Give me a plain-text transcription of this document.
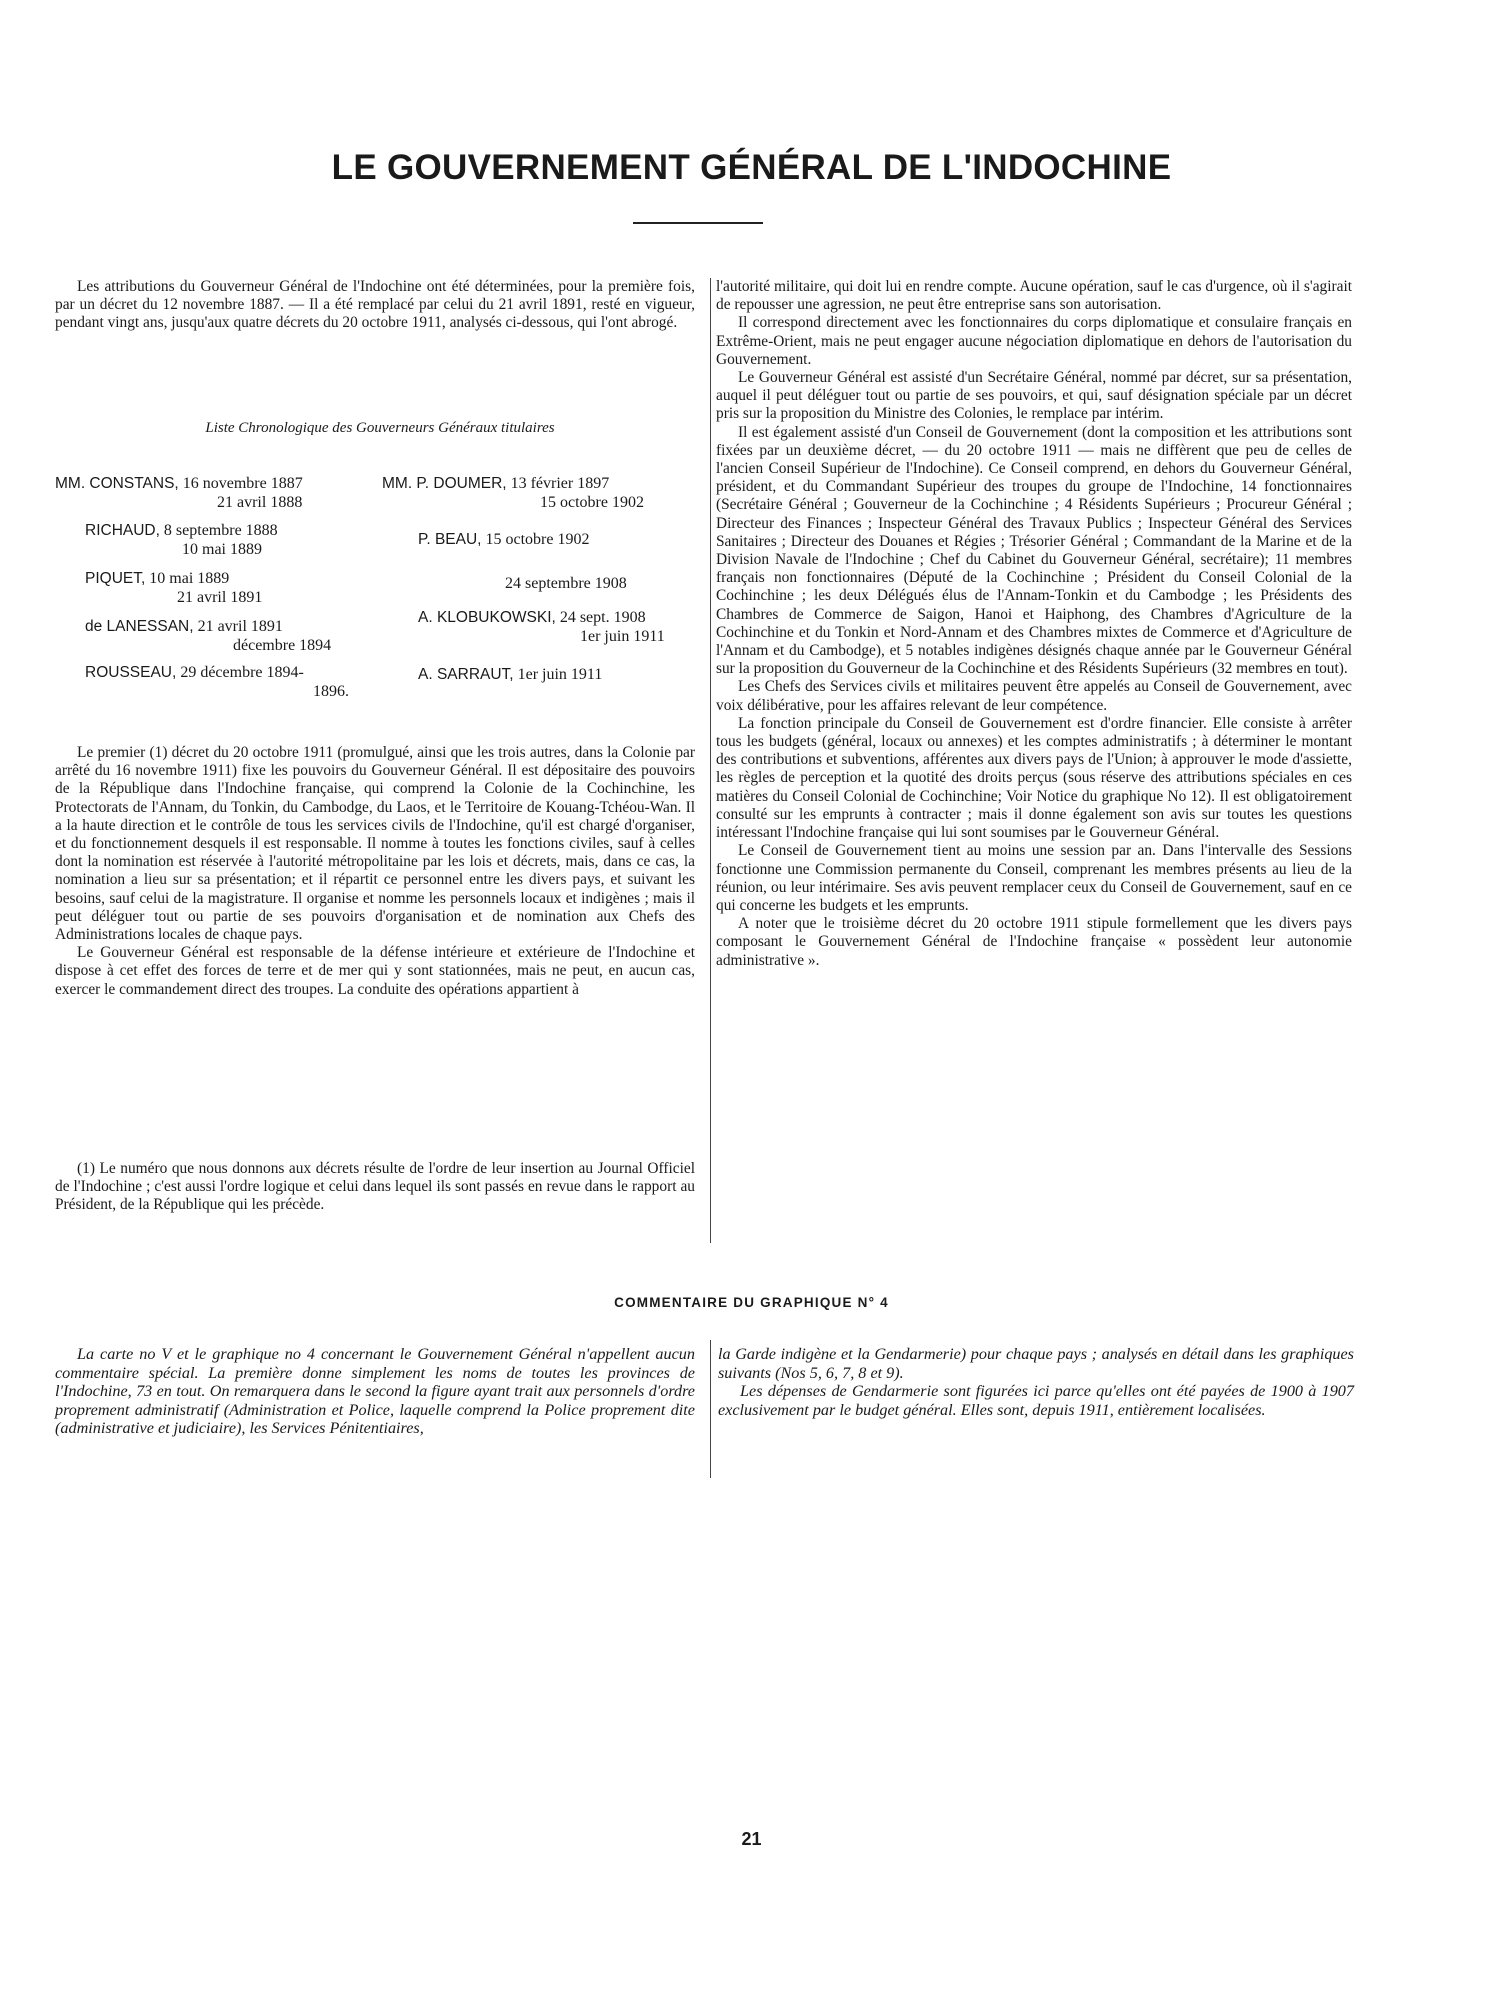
LE GOUVERNEMENT GÉNÉRAL DE L'INDOCHINE

Les attributions du Gouverneur Général de l'Indochine ont été déterminées, pour la première fois, par un décret du 12 novembre 1887. — Il a été remplacé par celui du 21 avril 1891, resté en vigueur, pendant vingt ans, jusqu'aux quatre décrets du 20 octobre 1911, analysés ci-dessous, qui l'ont abrogé.

Liste Chronologique des Gouverneurs Généraux titulaires
MM. CONSTANS, 16 novembre 1887
21 avril 1888
RICHAUD, 8 septembre 1888
10 mai 1889
PIQUET, 10 mai 1889
21 avril 1891
de LANESSAN, 21 avril 1891
décembre 1894
ROUSSEAU, 29 décembre 1894-
1896.
MM. P. DOUMER, 13 février 1897
15 octobre 1902
P. BEAU, 15 octobre 1902
24 septembre 1908
A. KLOBUKOWSKI, 24 sept. 1908
1er juin 1911
A. SARRAUT, 1er juin 1911

Le premier (1) décret du 20 octobre 1911 (promulgué, ainsi que les trois autres, dans la Colonie par arrêté du 16 novembre 1911) fixe les pouvoirs du Gouverneur Général. Il est dépositaire des pouvoirs de la République dans l'Indochine française, qui comprend la Colonie de la Cochinchine, les Protectorats de l'Annam, du Tonkin, du Cambodge, du Laos, et le Territoire de Kouang-Tchéou-Wan. Il a la haute direction et le contrôle de tous les services civils de l'Indochine, qu'il est chargé d'organiser, et du fonctionnement desquels il est responsable. Il nomme à toutes les fonctions civiles, sauf à celles dont la nomination est réservée à l'autorité métropolitaine par les lois et décrets, mais, dans ce cas, la nomination a lieu sur sa présentation; et il répartit ce personnel entre les divers pays, et suivant les besoins, sauf celui de la magistrature. Il organise et nomme les personnels locaux et indigènes ; mais il peut déléguer tout ou partie de ses pouvoirs d'organisation et de nomination aux Chefs des Administrations locales de chaque pays.

Le Gouverneur Général est responsable de la défense intérieure et extérieure de l'Indochine et dispose à cet effet des forces de terre et de mer qui y sont stationnées, mais ne peut, en aucun cas, exercer le commandement direct des troupes. La conduite des opérations appartient à

(1) Le numéro que nous donnons aux décrets résulte de l'ordre de leur insertion au Journal Officiel de l'Indochine ; c'est aussi l'ordre logique et celui dans lequel ils sont passés en revue dans le rapport au Président, de la République qui les précède.

l'autorité militaire, qui doit lui en rendre compte. Aucune opération, sauf le cas d'urgence, où il s'agirait de repousser une agression, ne peut être entreprise sans son autorisation.

Il correspond directement avec les fonctionnaires du corps diplomatique et consulaire français en Extrême-Orient, mais ne peut engager aucune négociation diplomatique en dehors de l'autorisation du Gouvernement.

Le Gouverneur Général est assisté d'un Secrétaire Général, nommé par décret, sur sa présentation, auquel il peut déléguer tout ou partie de ses pouvoirs, et qui, sauf désignation spéciale par un décret pris sur la proposition du Ministre des Colonies, le remplace par intérim.

Il est également assisté d'un Conseil de Gouvernement (dont la composition et les attributions sont fixées par un deuxième décret, — du 20 octobre 1911 — mais ne diffèrent que peu de celles de l'ancien Conseil Supérieur de l'Indochine). Ce Conseil comprend, en dehors du Gouverneur Général, président, et du Commandant Supérieur des troupes du groupe de l'Indochine, 14 fonctionnaires (Secrétaire Général ; Gouverneur de la Cochinchine ; 4 Résidents Supérieurs ; Procureur Général ; Directeur des Finances ; Inspecteur Général des Travaux Publics ; Inspecteur Général des Services Sanitaires ; Directeur des Douanes et Régies ; Trésorier Général ; Commandant de la Marine et de la Division Navale de l'Indochine ; Chef du Cabinet du Gouverneur Général, secrétaire); 11 membres français non fonctionnaires (Député de la Cochinchine ; Président du Conseil Colonial de la Cochinchine ; les deux Délégués élus de l'Annam-Tonkin et du Cambodge ; les Présidents des Chambres de Commerce de Saigon, Hanoi et Haiphong, des Chambres d'Agriculture de la Cochinchine et du Tonkin et Nord-Annam et des Chambres mixtes de Commerce et d'Agriculture de l'Annam et du Cambodge), et 5 notables indigènes désignés chaque année par le Gouverneur Général sur la proposition du Gouverneur de la Cochinchine et des Résidents Supérieurs (32 membres en tout).

Les Chefs des Services civils et militaires peuvent être appelés au Conseil de Gouvernement, avec voix délibérative, pour les affaires relevant de leur compétence.

La fonction principale du Conseil de Gouvernement est d'ordre financier. Elle consiste à arrêter tous les budgets (général, locaux ou annexes) et les comptes administratifs ; à déterminer le montant des contributions et subventions, afférentes aux divers pays de l'Union; à approuver le mode d'assiette, les règles de perception et la quotité des droits perçus (sous réserve des attributions spéciales en ces matières du Conseil Colonial de Cochinchine; Voir Notice du graphique No 12). Il est obligatoirement consulté sur les emprunts à contracter ; mais il donne également son avis sur toutes les questions intéressant l'Indochine française qui lui sont soumises par le Gouverneur Général.

Le Conseil de Gouvernement tient au moins une session par an. Dans l'intervalle des Sessions fonctionne une Commission permanente du Conseil, comprenant les membres présents au lieu de la réunion, ou leur intérimaire. Ses avis peuvent remplacer ceux du Conseil de Gouvernement, sauf en ce qui concerne les budgets et les emprunts.

A noter que le troisième décret du 20 octobre 1911 stipule formellement que les divers pays composant le Gouvernement Général de l'Indochine française « possèdent leur autonomie administrative ».

COMMENTAIRE DU GRAPHIQUE N° 4

La carte no V et le graphique no 4 concernant le Gouvernement Général n'appellent aucun commentaire spécial. La première donne simplement les noms de toutes les provinces de l'Indochine, 73 en tout. On remarquera dans le second la figure ayant trait aux personnels d'ordre proprement administratif (Administration et Police, laquelle comprend la Police proprement dite (administrative et judiciaire), les Services Pénitentiaires,

la Garde indigène et la Gendarmerie) pour chaque pays ; analysés en détail dans les graphiques suivants (Nos 5, 6, 7, 8 et 9).

Les dépenses de Gendarmerie sont figurées ici parce qu'elles ont été payées de 1900 à 1907 exclusivement par le budget général. Elles sont, depuis 1911, entièrement localisées.

21
